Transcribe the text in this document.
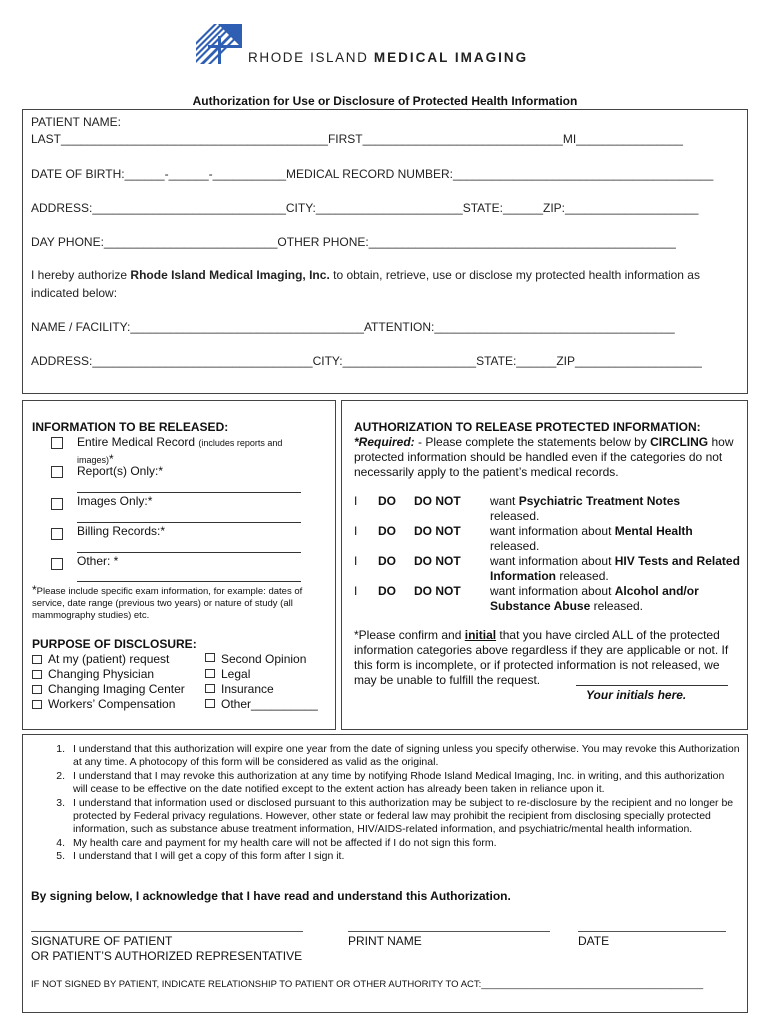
RHODE ISLAND MEDICAL IMAGING
Authorization for Use or Disclosure of Protected Health Information
PATIENT NAME:
LAST________________________________________FIRST______________________________MI________________
DATE OF BIRTH:______-______-___________MEDICAL RECORD NUMBER:_______________________________________
ADDRESS:_____________________________CITY:______________________STATE:______ZIP:____________________
DAY PHONE:__________________________OTHER PHONE:______________________________________________
I hereby authorize Rhode Island Medical Imaging, Inc. to obtain, retrieve, use or disclose my protected health information as
indicated below:
NAME / FACILITY:___________________________________ATTENTION:____________________________________
ADDRESS:_________________________________CITY:____________________STATE:______ZIP___________________
INFORMATION TO BE RELEASED:
Entire Medical Record (includes reports and
images)*
Report(s) Only:*
Images Only:*
Billing Records:*
Other: *
*Please include specific exam information, for example: dates of service, date range (previous two years) or nature of study (all mammography studies) etc.
PURPOSE OF DISCLOSURE:
At my (patient) request
Changing Physician
Changing Imaging Center
Workers’ Compensation
Second Opinion
Legal
Insurance
Other__________
AUTHORIZATION TO RELEASE PROTECTED INFORMATION:
*Required: - Please complete the statements below by CIRCLING how protected information should be handled even if the categories do not necessarily apply to the patient’s medical records.
I DO DO NOT want Psychiatric Treatment Notes
released.
I DO DO NOT want information about Mental Health
released.
I DO DO NOT want information about HIV Tests and Related Information released.
I DO DO NOT want information about Alcohol and/or Substance Abuse released.
*Please confirm and initial that you have circled ALL of the protected information categories above regardless if they are applicable or not. If this form is incomplete, or if protected information is not released, we may be unable to fulfill the request.
Your initials here.
1. I understand that this authorization will expire one year from the date of signing unless you specify otherwise. You may revoke this Authorization at any time. A photocopy of this form will be considered as valid as the original.
2. I understand that I may revoke this authorization at any time by notifying Rhode Island Medical Imaging, Inc. in writing, and this authorization will cease to be effective on the date notified except to the extent action has already been taken in reliance upon it.
3. I understand that information used or disclosed pursuant to this authorization may be subject to re-disclosure by the recipient and no longer be protected by Federal privacy regulations. However, other state or federal law may prohibit the recipient from disclosing specially protected information, such as substance abuse treatment information, HIV/AIDS-related information, and psychiatric/mental health information.
4. My health care and payment for my health care will not be affected if I do not sign this form.
5. I understand that I will get a copy of this form after I sign it.
By signing below, I acknowledge that I have read and understand this Authorization.
SIGNATURE OF PATIENT
OR PATIENT’S AUTHORIZED REPRESENTATIVE
PRINT NAME	DATE
IF NOT SIGNED BY PATIENT, INDICATE RELATIONSHIP TO PATIENT OR OTHER AUTHORITY TO ACT:__________________________________________
